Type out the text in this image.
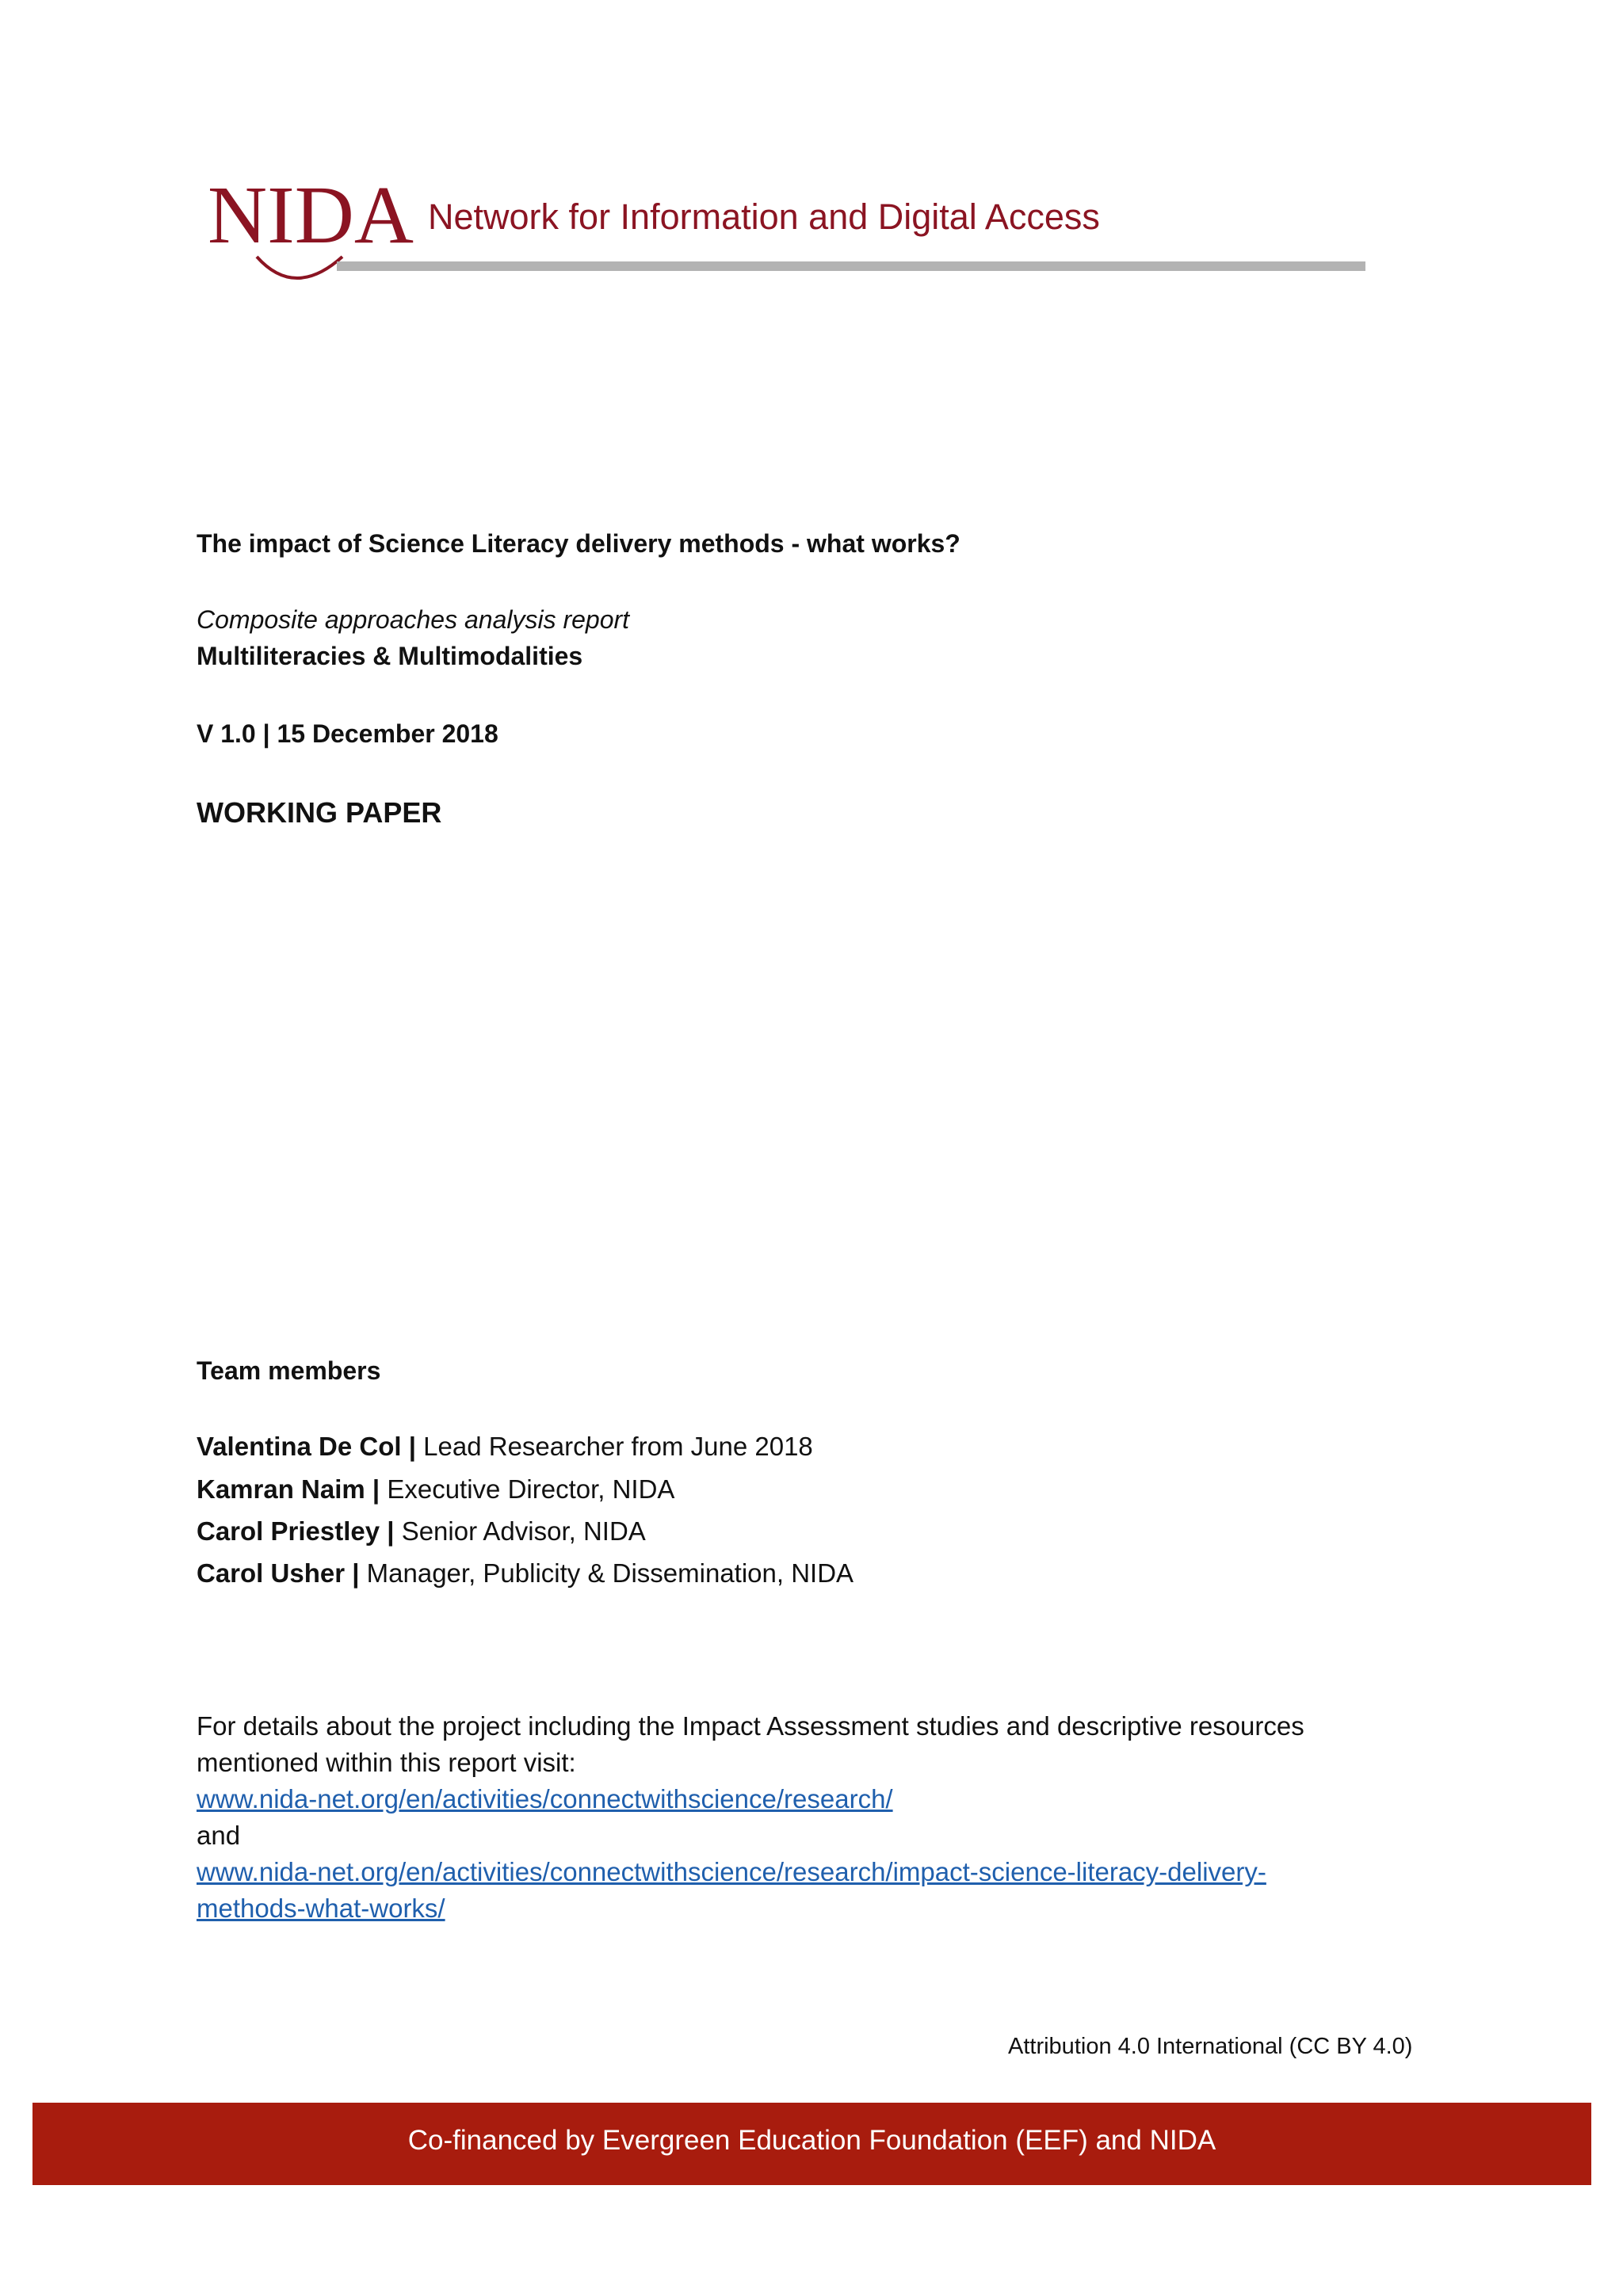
NIDA Network for Information and Digital Access
The impact of Science Literacy delivery methods - what works?
Composite approaches analysis report
Multiliteracies & Multimodalities
V 1.0 | 15 December 2018
WORKING PAPER
Team members
Valentina De Col | Lead Researcher from June 2018
Kamran Naim | Executive Director, NIDA
Carol Priestley | Senior Advisor, NIDA
Carol Usher | Manager, Publicity & Dissemination, NIDA
For details about the project including the Impact Assessment studies and descriptive resources
mentioned within this report visit:
www.nida-net.org/en/activities/connectwithscience/research/
and
www.nida-net.org/en/activities/connectwithscience/research/impact-science-literacy-delivery-
methods-what-works/
Attribution 4.0 International (CC BY 4.0)
Co-financed by Evergreen Education Foundation (EEF) and NIDA
